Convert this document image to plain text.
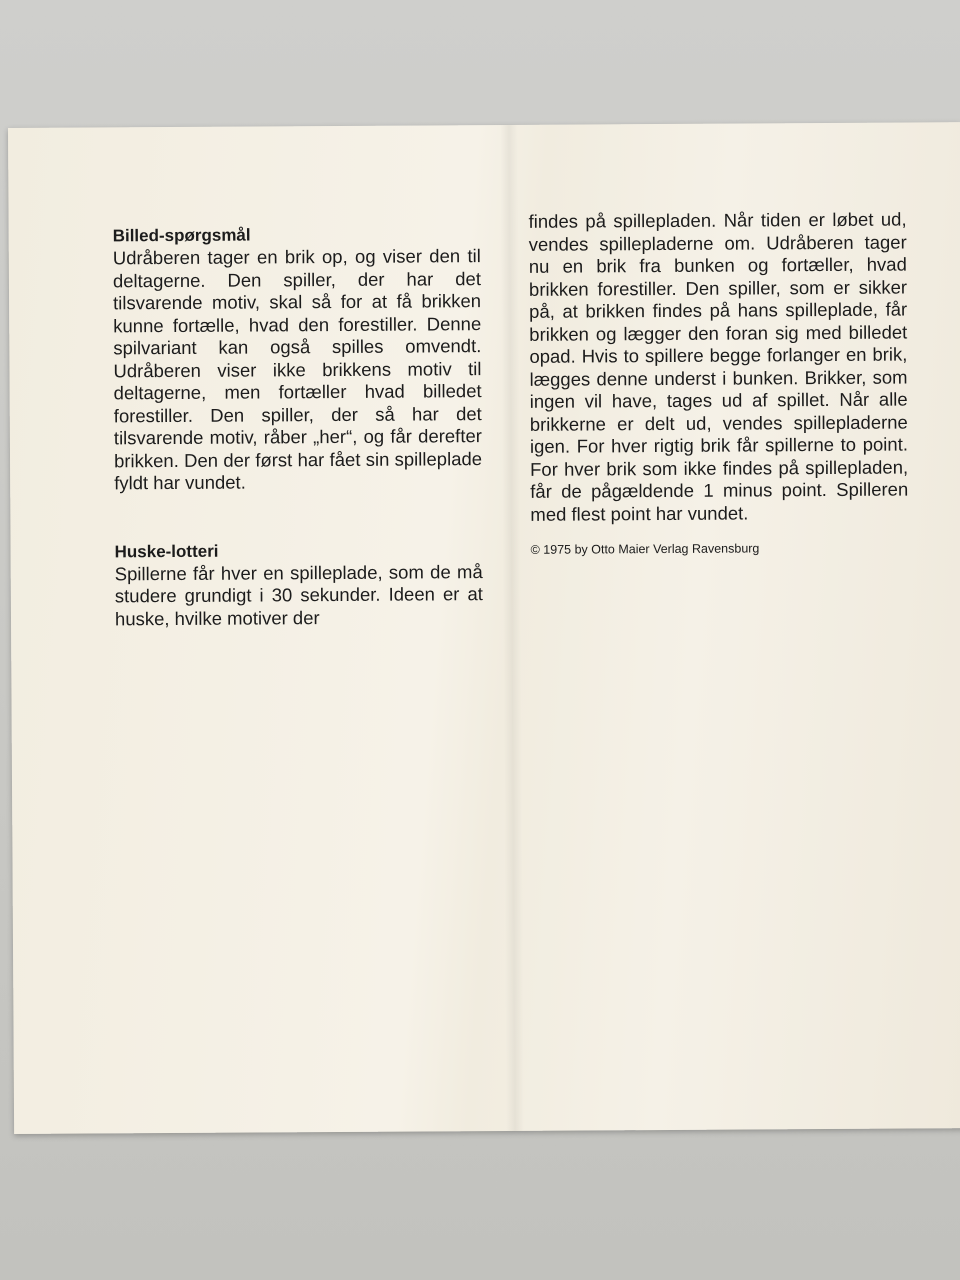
Billed-spørgsmål

Udråberen tager en brik op, og viser den til deltagerne. Den spiller, der har det tilsvarende motiv, skal så for at få brikken kunne fortælle, hvad den forestiller. Denne spilvariant kan også spilles omvendt. Udråberen viser ikke brikkens motiv til deltagerne, men fortæller hvad billedet forestiller. Den spiller, der så har det tilsvarende motiv, råber „her“, og får derefter brikken. Den der først har fået sin spilleplade fyldt har vundet.

Huske-lotteri

Spillerne får hver en spilleplade, som de må studere grundigt i 30 sekunder. Ideen er at huske, hvilke motiver der

findes på spillepladen. Når tiden er løbet ud, vendes spillepladerne om. Udråberen tager nu en brik fra bunken og fortæller, hvad brikken forestiller. Den spiller, som er sikker på, at brikken findes på hans spilleplade, får brikken og lægger den foran sig med billedet opad. Hvis to spillere begge forlanger en brik, lægges denne underst i bunken. Brikker, som ingen vil have, tages ud af spillet. Når alle brikkerne er delt ud, vendes spillepladerne igen. For hver rigtig brik får spillerne to point. For hver brik som ikke findes på spillepladen, får de pågældende 1 minus point. Spilleren med flest point har vundet.

© 1975 by Otto Maier Verlag Ravensburg
